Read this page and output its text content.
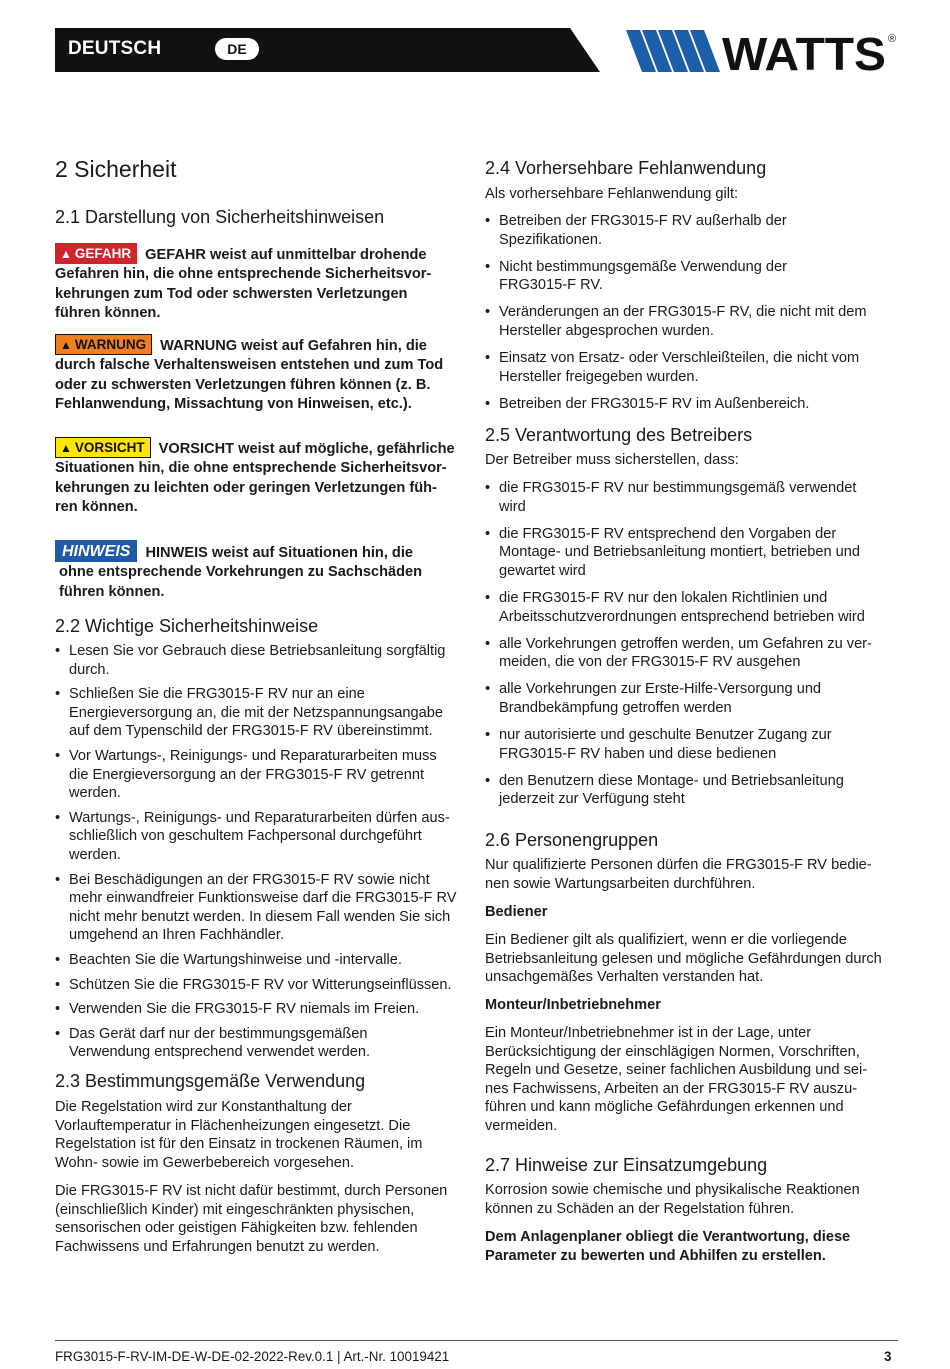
DEUTSCH	DE	WATTS ®
2 Sicherheit
2.1 Darstellung von Sicherheitshinweisen
▲ GEFAHR GEFAHR weist auf unmittelbar drohende
Gefahren hin, die ohne entsprechende Sicherheitsvor-
kehrungen zum Tod oder schwersten Verletzungen
führen können.
▲ WARNUNG WARNUNG weist auf Gefahren hin, die
durch falsche Verhaltensweisen entstehen und zum Tod
oder zu schwersten Verletzungen führen können (z. B.
Fehlanwendung, Missachtung von Hinweisen, etc.).
▲ VORSICHT VORSICHT weist auf mögliche, gefährliche
Situationen hin, die ohne entsprechende Sicherheitsvor-
kehrungen zu leichten oder geringen Verletzungen füh-
ren können.
HINWEIS HINWEIS weist auf Situationen hin, die
ohne entsprechende Vorkehrungen zu Sachschäden
führen können.
2.2 Wichtige Sicherheitshinweise
• Lesen Sie vor Gebrauch diese Betriebsanleitung sorgfältig
durch.
• Schließen Sie die FRG3015-F RV nur an eine
Energieversorgung an, die mit der Netzspannungsangabe
auf dem Typenschild der FRG3015-F RV übereinstimmt.
• Vor Wartungs-, Reinigungs- und Reparaturarbeiten muss
die Energieversorgung an der FRG3015-F RV getrennt
werden.
• Wartungs-, Reinigungs- und Reparaturarbeiten dürfen aus-
schließlich von geschultem Fachpersonal durchgeführt
werden.
• Bei Beschädigungen an der FRG3015-F RV sowie nicht
mehr einwandfreier Funktionsweise darf die FRG3015-F RV
nicht mehr benutzt werden. In diesem Fall wenden Sie sich
umgehend an Ihren Fachhändler.
• Beachten Sie die Wartungshinweise und -intervalle.
• Schützen Sie die FRG3015-F RV vor Witterungseinflüssen.
• Verwenden Sie die FRG3015-F RV niemals im Freien.
• Das Gerät darf nur der bestimmungsgemäßen
Verwendung entsprechend verwendet werden.
2.3 Bestimmungsgemäße Verwendung
Die Regelstation wird zur Konstanthaltung der
Vorlauftemperatur in Flächenheizungen eingesetzt. Die
Regelstation ist für den Einsatz in trockenen Räumen, im
Wohn- sowie im Gewerbebereich vorgesehen.
Die FRG3015-F RV ist nicht dafür bestimmt, durch Personen
(einschließlich Kinder) mit eingeschränkten physischen,
sensorischen oder geistigen Fähigkeiten bzw. fehlenden
Fachwissens und Erfahrungen benutzt zu werden.
2.4 Vorhersehbare Fehlanwendung
Als vorhersehbare Fehlanwendung gilt:
• Betreiben der FRG3015-F RV außerhalb der
Spezifikationen.
• Nicht bestimmungsgemäße Verwendung der
FRG3015-F RV.
• Veränderungen an der FRG3015-F RV, die nicht mit dem
Hersteller abgesprochen wurden.
• Einsatz von Ersatz- oder Verschleißteilen, die nicht vom
Hersteller freigegeben wurden.
• Betreiben der FRG3015-F RV im Außenbereich.
2.5 Verantwortung des Betreibers
Der Betreiber muss sicherstellen, dass:
• die FRG3015-F RV nur bestimmungsgemäß verwendet
wird
• die FRG3015-F RV entsprechend den Vorgaben der
Montage- und Betriebsanleitung montiert, betrieben und
gewartet wird
• die FRG3015-F RV nur den lokalen Richtlinien und
Arbeitsschutzverordnungen entsprechend betrieben wird
• alle Vorkehrungen getroffen werden, um Gefahren zu ver-
meiden, die von der FRG3015-F RV ausgehen
• alle Vorkehrungen zur Erste-Hilfe-Versorgung und
Brandbekämpfung getroffen werden
• nur autorisierte und geschulte Benutzer Zugang zur
FRG3015-F RV haben und diese bedienen
• den Benutzern diese Montage- und Betriebsanleitung
jederzeit zur Verfügung steht
2.6 Personengruppen
Nur qualifizierte Personen dürfen die FRG3015-F RV bedie-
nen sowie Wartungsarbeiten durchführen.
Bediener
Ein Bediener gilt als qualifiziert, wenn er die vorliegende
Betriebsanleitung gelesen und mögliche Gefährdungen durch
unsachgemäßes Verhalten verstanden hat.
Monteur/Inbetriebnehmer
Ein Monteur/Inbetriebnehmer ist in der Lage, unter
Berücksichtigung der einschlägigen Normen, Vorschriften,
Regeln und Gesetze, seiner fachlichen Ausbildung und sei-
nes Fachwissens, Arbeiten an der FRG3015-F RV auszu-
führen und kann mögliche Gefährdungen erkennen und
vermeiden.
2.7 Hinweise zur Einsatzumgebung
Korrosion sowie chemische und physikalische Reaktionen
können zu Schäden an der Regelstation führen.
Dem Anlagenplaner obliegt die Verantwortung, diese
Parameter zu bewerten und Abhilfen zu erstellen.
FRG3015-F-RV-IM-DE-W-DE-02-2022-Rev.0.1 | Art.-Nr. 10019421	3
